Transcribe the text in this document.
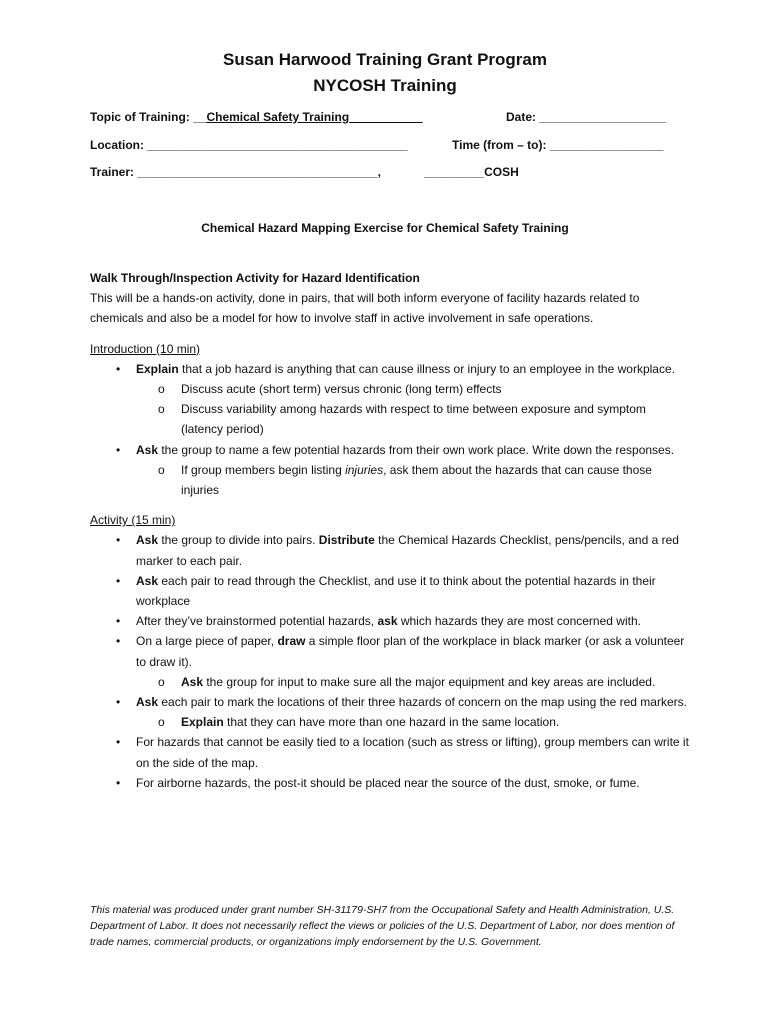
Susan Harwood Training Grant Program
NYCOSH Training
Topic of Training: __Chemical Safety Training___________	Date: ___________________
Location: _______________________________________	Time (from – to): _________________
Trainer: ____________________________________,	_________COSH
Chemical Hazard Mapping Exercise for Chemical Safety Training
Walk Through/Inspection Activity for Hazard Identification
This will be a hands-on activity, done in pairs, that will both inform everyone of facility hazards related to chemicals and also be a model for how to involve staff in active involvement in safe operations.
Introduction (10 min)
• Explain that a job hazard is anything that can cause illness or injury to an employee in the workplace.
o Discuss acute (short term) versus chronic (long term) effects
o Discuss variability among hazards with respect to time between exposure and symptom (latency period)
• Ask the group to name a few potential hazards from their own work place. Write down the responses.
o If group members begin listing injuries, ask them about the hazards that can cause those injuries
Activity (15 min)
• Ask the group to divide into pairs. Distribute the Chemical Hazards Checklist, pens/pencils, and a red marker to each pair.
• Ask each pair to read through the Checklist, and use it to think about the potential hazards in their workplace
• After they’ve brainstormed potential hazards, ask which hazards they are most concerned with.
• On a large piece of paper, draw a simple floor plan of the workplace in black marker (or ask a volunteer to draw it).
o Ask the group for input to make sure all the major equipment and key areas are included.
• Ask each pair to mark the locations of their three hazards of concern on the map using the red markers.
o Explain that they can have more than one hazard in the same location.
• For hazards that cannot be easily tied to a location (such as stress or lifting), group members can write it on the side of the map.
• For airborne hazards, the post-it should be placed near the source of the dust, smoke, or fume.
This material was produced under grant number SH-31179-SH7 from the Occupational Safety and Health Administration, U.S. Department of Labor. It does not necessarily reflect the views or policies of the U.S. Department of Labor, nor does mention of trade names, commercial products, or organizations imply endorsement by the U.S. Government.
